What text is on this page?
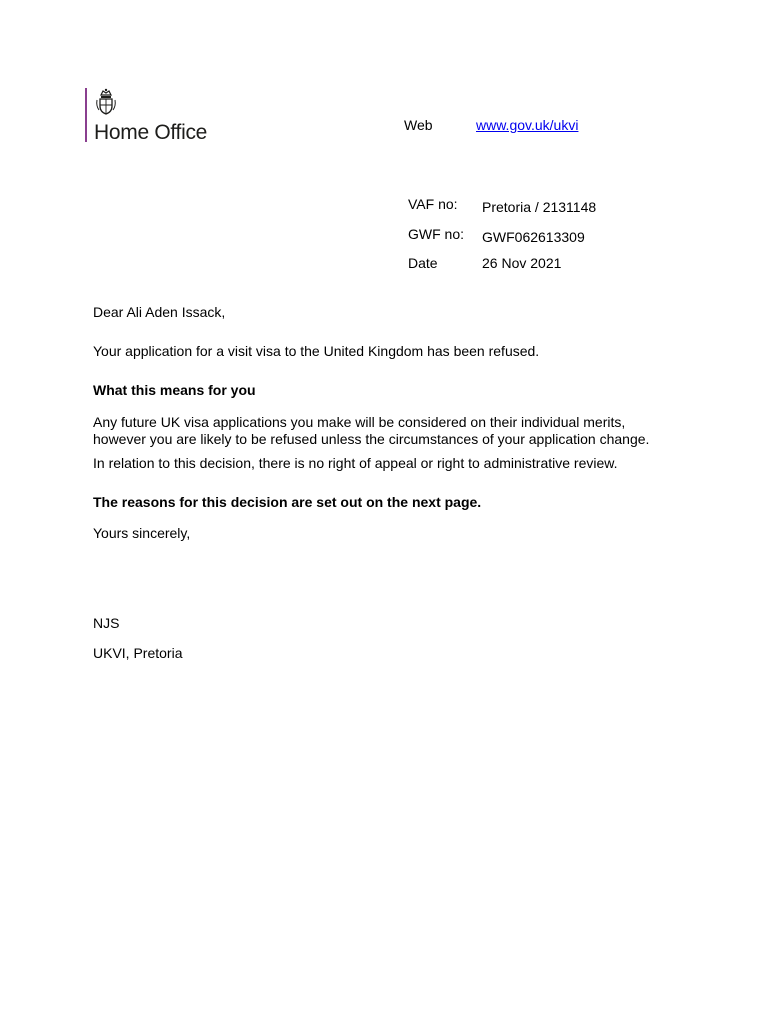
Home Office	Web	www.gov.uk/ukvi
VAF no: Pretoria / 2131148
GWF no: GWF062613309
Date	26 Nov 2021
Dear Ali Aden Issack,
Your application for a visit visa to the United Kingdom has been refused.
What this means for you
Any future UK visa applications you make will be considered on their individual merits,
however you are likely to be refused unless the circumstances of your application change.
In relation to this decision, there is no right of appeal or right to administrative review.
The reasons for this decision are set out on the next page.
Yours sincerely,
NJS
UKVI, Pretoria
